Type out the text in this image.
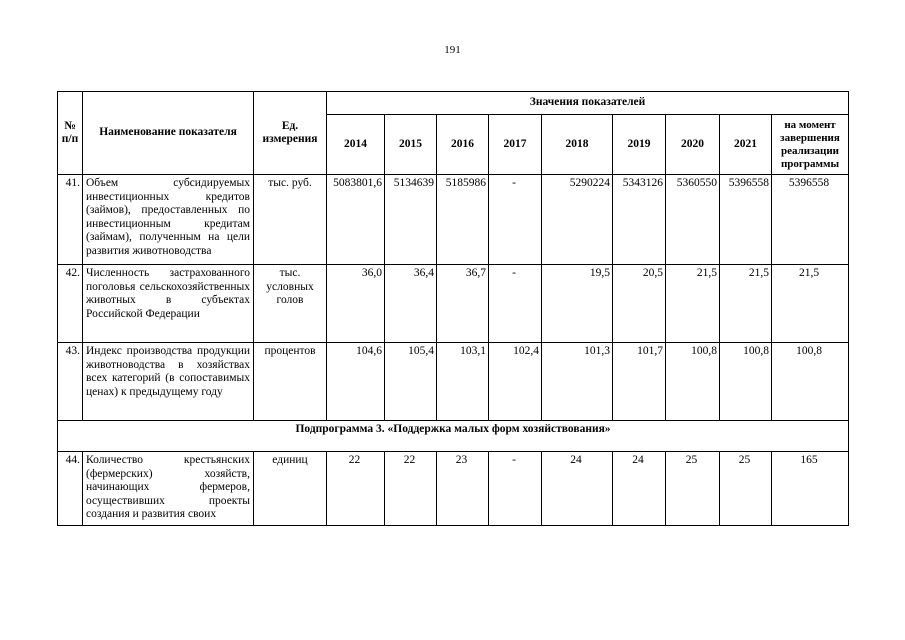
191
№ п/п	Наименование показателя	Ед. измерения	Значения показателей								
			2014	2015	2016	2017	2018	2019	2020	2021	на момент завершения реализации программы
41.	Объем субсидируемых инвестиционных кредитов (займов), предоставленных по инвестиционным кредитам (займам), полученным на цели развития животноводства	тыс. руб.	5083801,6	5134639	5185986	-	5290224	5343126	5360550	5396558	5396558
42.	Численность застрахованного поголовья сельскохозяйственных животных в субъектах Российской Федерации	тыс. условных голов	36,0	36,4	36,7	-	19,5	20,5	21,5	21,5	21,5
43.	Индекс производства продукции животноводства в хозяйствах всех категорий (в сопоставимых ценах) к предыдущему году	процентов	104,6	105,4	103,1	102,4	101,3	101,7	100,8	100,8	100,8
Подпрограмма 3. «Поддержка малых форм хозяйствования»											
44.	Количество крестьянских (фермерских) хозяйств, начинающих фермеров, осуществивших проекты создания и развития своих	единиц	22	22	23	-	24	24	25	25	165
